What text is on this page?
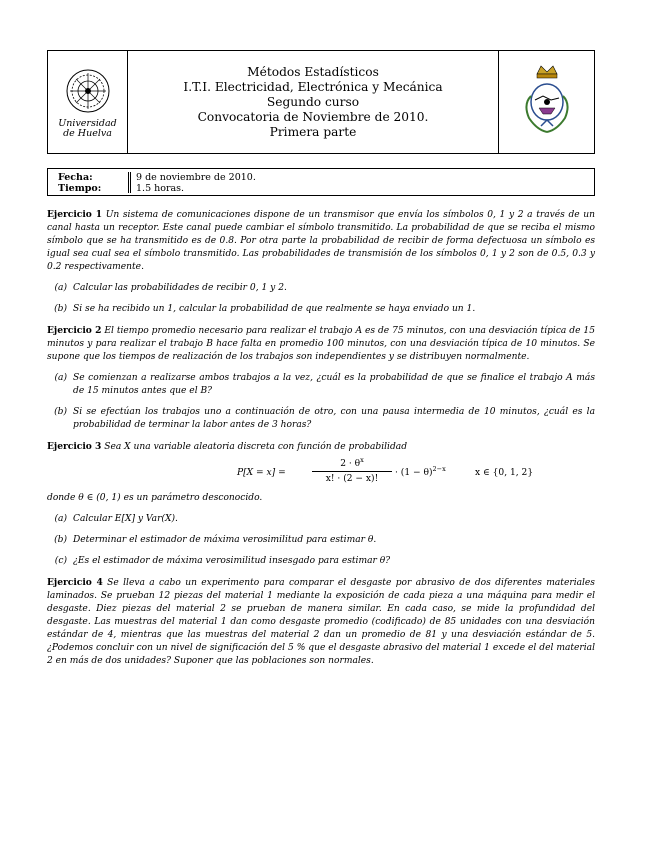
Universidad
de Huelva
Métodos Estadísticos
I.T.I. Electricidad, Electrónica y Mecánica
Segundo curso
Convocatoria de Noviembre de 2010.
Primera parte
Fecha:
Tiempo:
9 de noviembre de 2010.
1.5 horas.

Ejercicio 1 Un sistema de comunicaciones dispone de un transmisor que envía los símbolos 0, 1 y 2 a través de un canal hasta un receptor. Este canal puede cambiar el símbolo transmitido. La probabilidad de que se reciba el mismo símbolo que se ha transmitido es de 0.8. Por otra parte la probabilidad de recibir de forma defectuosa un símbolo es igual sea cual sea el símbolo transmitido. Las probabilidades de transmisión de los símbolos 0, 1 y 2 son de 0.5, 0.3 y 0.2 respectivamente.

(a) Calcular las probabilidades de recibir 0, 1 y 2.
(b) Si se ha recibido un 1, calcular la probabilidad de que realmente se haya enviado un 1.

Ejercicio 2 El tiempo promedio necesario para realizar el trabajo A es de 75 minutos, con una desviación típica de 15 minutos y para realizar el trabajo B hace falta en promedio 100 minutos, con una desviación típica de 10 minutos. Se supone que los tiempos de realización de los trabajos son independientes y se distribuyen normalmente.

(a) Se comienzan a realizarse ambos trabajos a la vez, ¿cuál es la probabilidad de que se finalice el trabajo A más de 15 minutos antes que el B?
(b) Si se efectúan los trabajos uno a continuación de otro, con una pausa intermedia de 10 minutos, ¿cuál es la probabilidad de terminar la labor antes de 3 horas?

Ejercicio 3 Sea X una variable aleatoria discreta con función de probabilidad

P[X = x] =	$\frac{2 \cdot \theta^x}{x! \cdot (2 - x)!} \cdot (1 - \theta)^{2-x}$	x ∈ {0, 1, 2}

donde θ ∈ (0, 1) es un parámetro desconocido.

(a) Calcular E[X] y Var(X).
(b) Determinar el estimador de máxima verosimilitud para estimar θ.
(c) ¿Es el estimador de máxima verosimilitud insesgado para estimar θ?

Ejercicio 4 Se lleva a cabo un experimento para comparar el desgaste por abrasivo de dos diferentes materiales laminados. Se prueban 12 piezas del material 1 mediante la exposición de cada pieza a una máquina para medir el desgaste. Diez piezas del material 2 se prueban de manera similar. En cada caso, se mide la profundidad del desgaste. Las muestras del material 1 dan como desgaste promedio (codificado) de 85 unidades con una desviación estándar de 4, mientras que las muestras del material 2 dan un promedio de 81 y una desviación estándar de 5. ¿Podemos concluir con un nivel de significación del 5 % que el desgaste abrasivo del material 1 excede el del material 2 en más de dos unidades? Suponer que las poblaciones son normales.
